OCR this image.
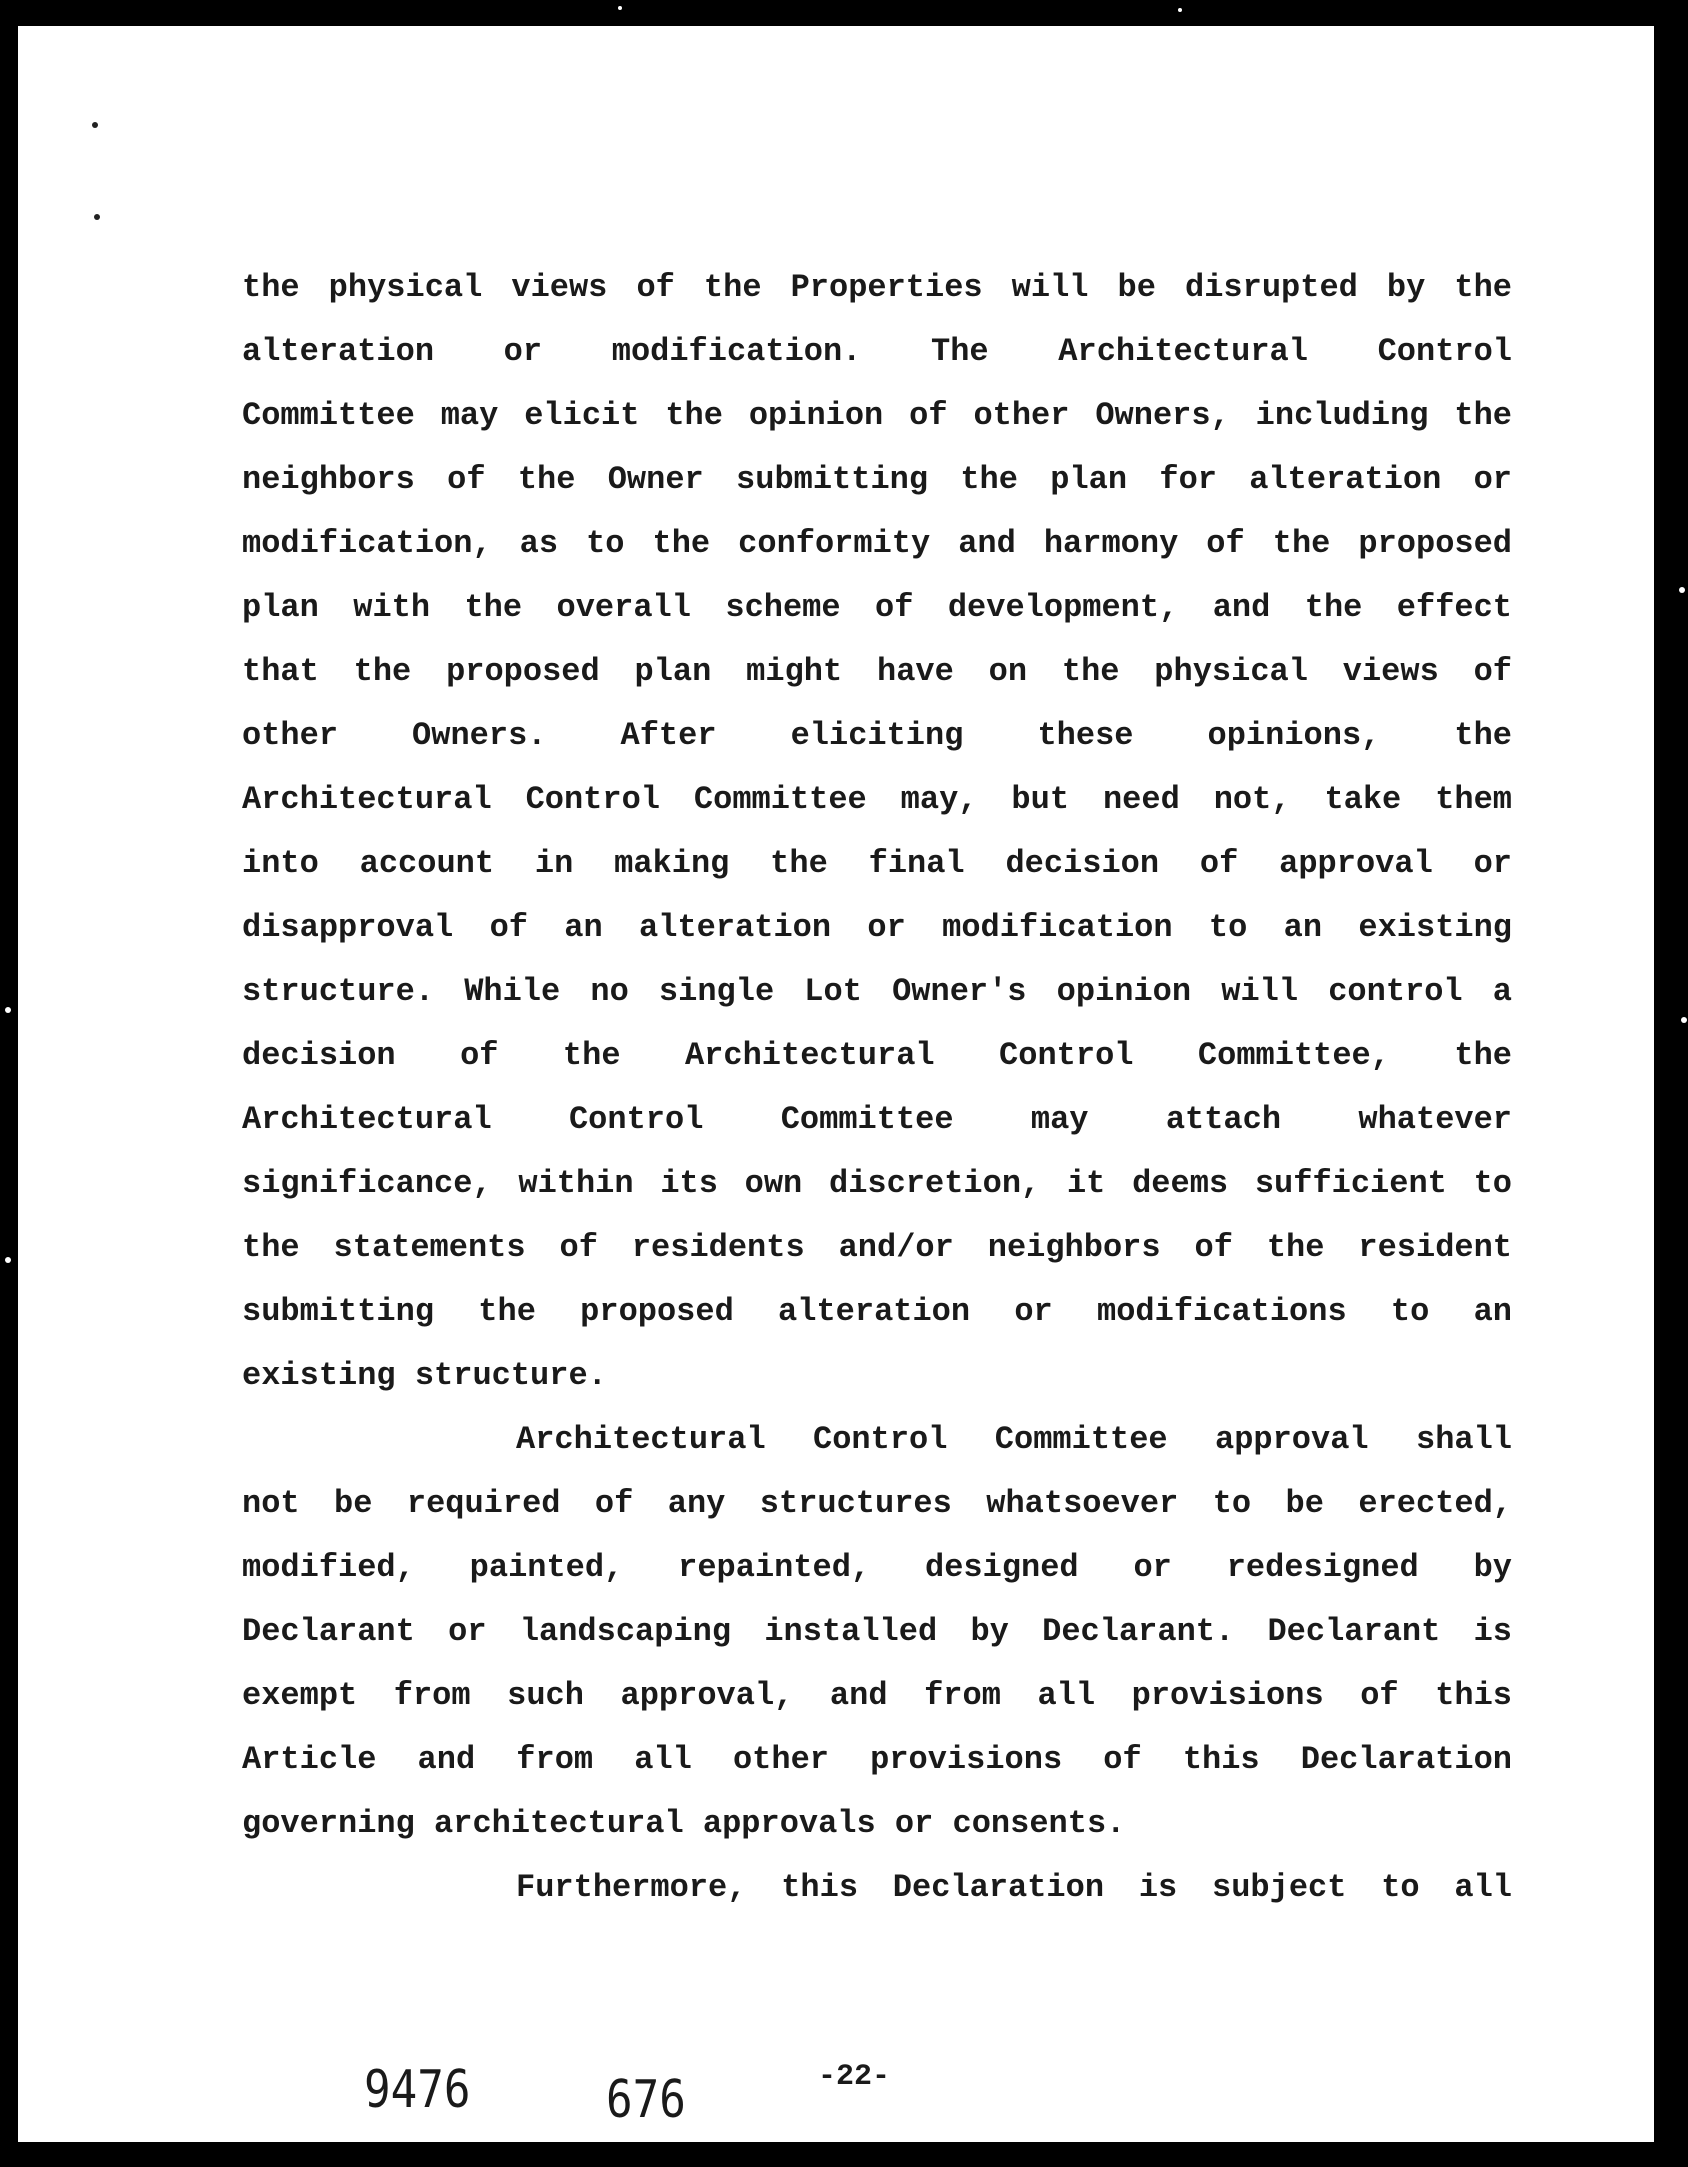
the physical views of the Properties will be disrupted by the
alteration or modification. The Architectural Control
Committee may elicit the opinion of other Owners, including the
neighbors of the Owner submitting the plan for alteration or
modification, as to the conformity and harmony of the proposed
plan with the overall scheme of development, and the effect
that the proposed plan might have on the physical views of
other Owners. After eliciting these opinions, the
Architectural Control Committee may, but need not, take them
into account in making the final decision of approval or
disapproval of an alteration or modification to an existing
structure. While no single Lot Owner's opinion will control a
decision of the Architectural Control Committee, the
Architectural Control Committee may attach whatever
significance, within its own discretion, it deems sufficient to
the statements of residents and/or neighbors of the resident
submitting the proposed alteration or modifications to an
existing structure.
Architectural Control Committee approval shall
not be required of any structures whatsoever to be erected,
modified, painted, repainted, designed or redesigned by
Declarant or landscaping installed by Declarant. Declarant is
exempt from such approval, and from all provisions of this
Article and from all other provisions of this Declaration
governing architectural approvals or consents.
Furthermore, this Declaration is subject to all
9476	676	-22-
